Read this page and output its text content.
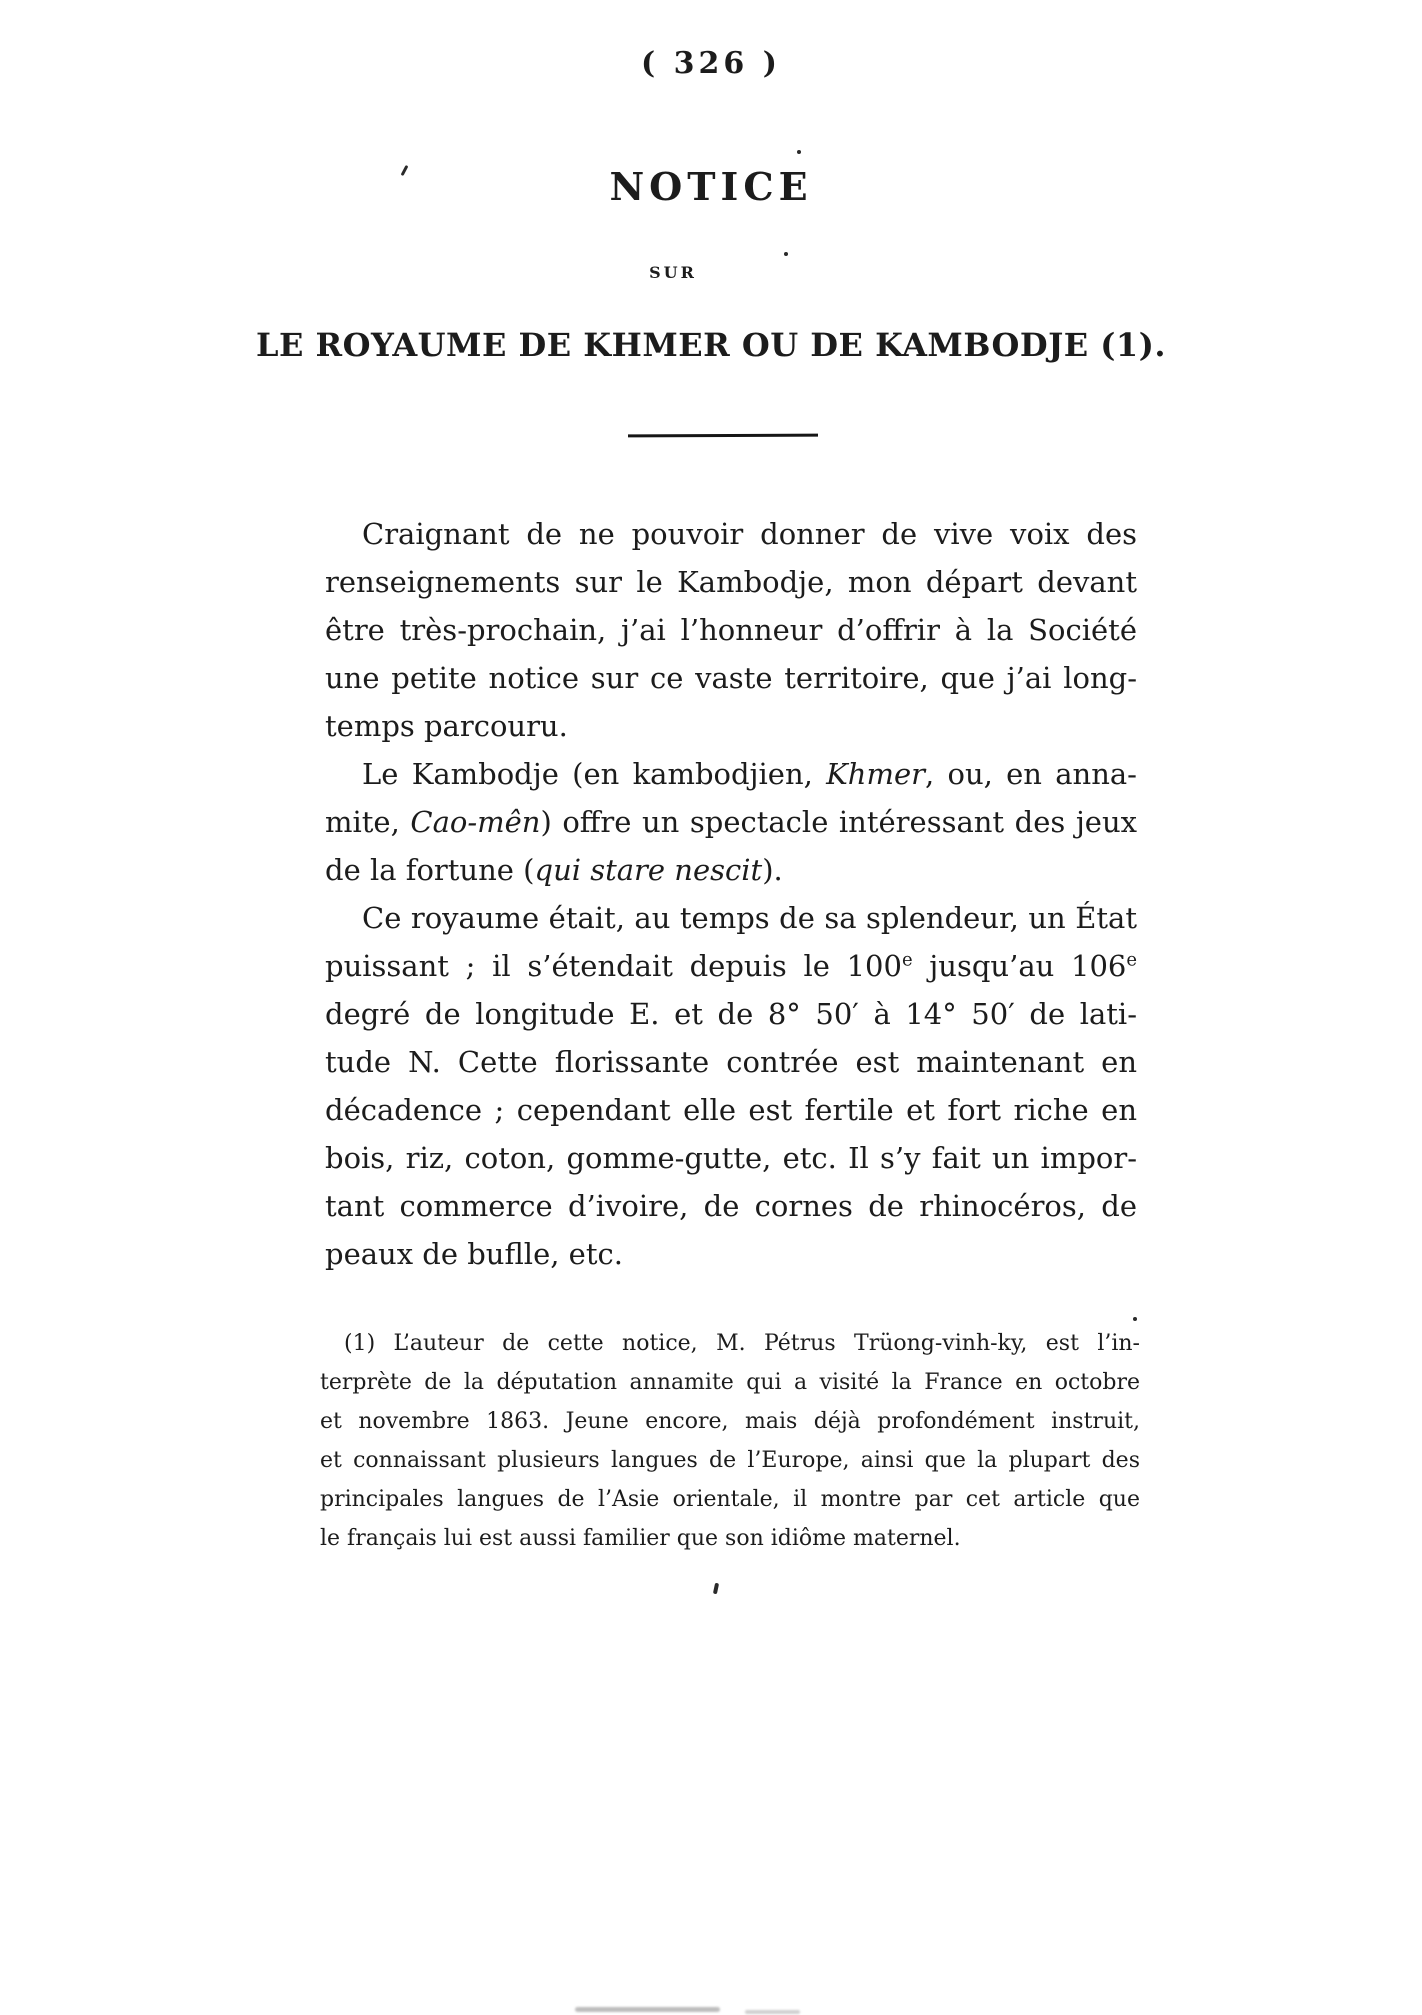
( 326 )
NOTICE
SUR
LE ROYAUME DE KHMER OU DE KAMBODJE (1).
Craignant de ne pouvoir donner de vive voix des
renseignements sur le Kambodje, mon départ devant
être très-prochain, j’ai l’honneur d’offrir à la Société
une petite notice sur ce vaste territoire, que j’ai long-
temps parcouru.
Le Kambodje (en kambodjien, Khmer, ou, en anna-
mite, Cao-mên) offre un spectacle intéressant des jeux
de la fortune (qui stare nescit).
Ce royaume était, au temps de sa splendeur, un État
puissant ; il s’étendait depuis le 100e jusqu’au 106e
degré de longitude E. et de 8° 50′ à 14° 50′ de lati-
tude N. Cette florissante contrée est maintenant en
décadence ; cependant elle est fertile et fort riche en
bois, riz, coton, gomme-gutte, etc. Il s’y fait un impor-
tant commerce d’ivoire, de cornes de rhinocéros, de
peaux de buflle, etc.
(1) L’auteur de cette notice, M. Pétrus Trüong-vinh-ky, est l’in-
terprète de la députation annamite qui a visité la France en octobre
et novembre 1863. Jeune encore, mais déjà profondément instruit,
et connaissant plusieurs langues de l’Europe, ainsi que la plupart des
principales langues de l’Asie orientale, il montre par cet article que
le français lui est aussi familier que son idiôme maternel.
